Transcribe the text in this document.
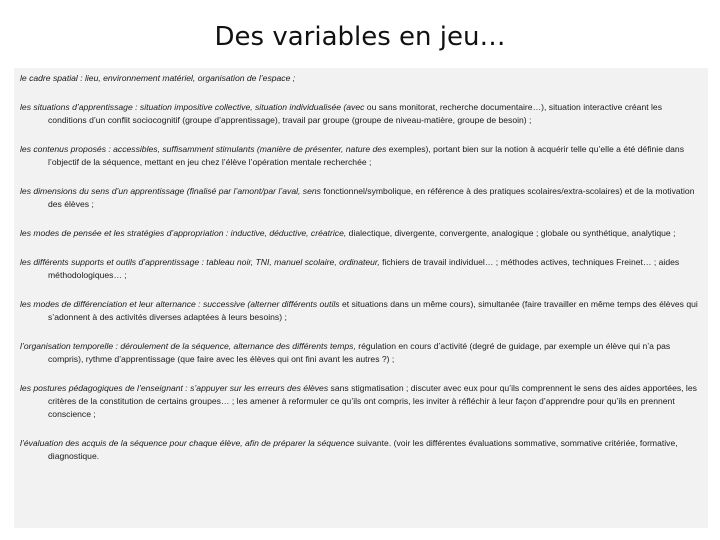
Des variables en jeu…

le cadre spatial : lieu, environnement matériel, organisation de l’espace ;

les situations d’apprentissage : situation impositive collective, situation individualisée (avec ou sans monitorat, recherche documentaire…), situation interactive créant les conditions d’un conflit sociocognitif (groupe d’apprentissage), travail par groupe (groupe de niveau-matière, groupe de besoin) ;

les contenus proposés : accessibles, suffisamment stimulants (manière de présenter, nature des exemples), portant bien sur la notion à acquérir telle qu’elle a été définie dans l’objectif de la séquence, mettant en jeu chez l’élève l’opération mentale recherchée ;

les dimensions du sens d’un apprentissage (finalisé par l’amont/par l’aval, sens fonctionnel/symbolique, en référence à des pratiques scolaires/extra-scolaires) et de la motivation des élèves ;

les modes de pensée et les stratégies d’appropriation : inductive, déductive, créatrice, dialectique, divergente, convergente, analogique ; globale ou synthétique, analytique ;

les différents supports et outils d’apprentissage : tableau noir, TNI, manuel scolaire, ordinateur, fichiers de travail individuel… ; méthodes actives, techniques Freinet… ; aides méthodologiques… ;

les modes de différenciation et leur alternance : successive (alterner différents outils et situations dans un même cours), simultanée (faire travailler en même temps des élèves qui s’adonnent à des activités diverses adaptées à leurs besoins) ;

l’organisation temporelle : déroulement de la séquence, alternance des différents temps, régulation en cours d’activité (degré de guidage, par exemple un élève qui n’a pas compris), rythme d’apprentissage (que faire avec les élèves qui ont fini avant les autres ?) ;

les postures pédagogiques de l’enseignant : s’appuyer sur les erreurs des élèves sans stigmatisation ; discuter avec eux pour qu’ils comprennent le sens des aides apportées, les critères de la constitution de certains groupes… ; les amener à reformuler ce qu’ils ont compris, les inviter à réfléchir à leur façon d’apprendre pour qu’ils en prennent conscience ;

l’évaluation des acquis de la séquence pour chaque élève, afin de préparer la séquence suivante. (voir les différentes évaluations sommative, sommative critériée, formative, diagnostique.
